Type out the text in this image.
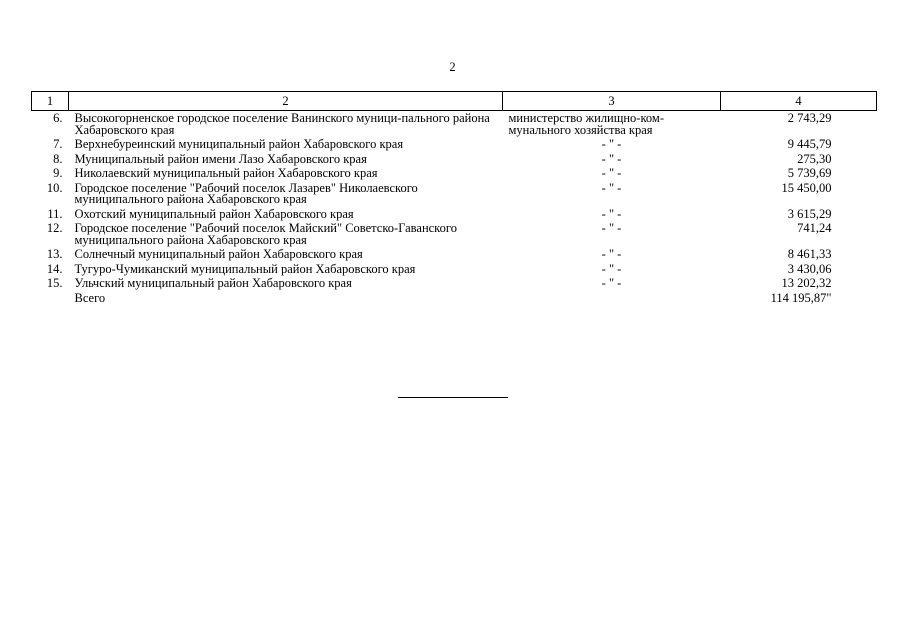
2
1	2	3	4
6.	Высокогорненское городское поселение Ванинского муници-пального района Хабаровского края	министерство жилищно-ком-мунального хозяйства края	2 743,29
7.	Верхнебуреинский муниципальный район Хабаровского края	- " -	9 445,79
8.	Муниципальный район имени Лазо Хабаровского края	- " -	275,30
9.	Николаевский муниципальный район Хабаровского края	- " -	5 739,69
10.	Городское поселение "Рабочий поселок Лазарев" Николаевского муниципального района Хабаровского края	- " -	15 450,00
11.	Охотский муниципальный район Хабаровского края	- " -	3 615,29
12.	Городское поселение "Рабочий поселок Майский" Советско-Гаванского муниципального района Хабаровского края	- " -	741,24
13.	Солнечный муниципальный район Хабаровского края	- " -	8 461,33
14.	Тугуро-Чумиканский муниципальный район Хабаровского края	- " -	3 430,06
15.	Ульчский муниципальный район Хабаровского края	- " -	13 202,32
	Всего		114 195,87"
